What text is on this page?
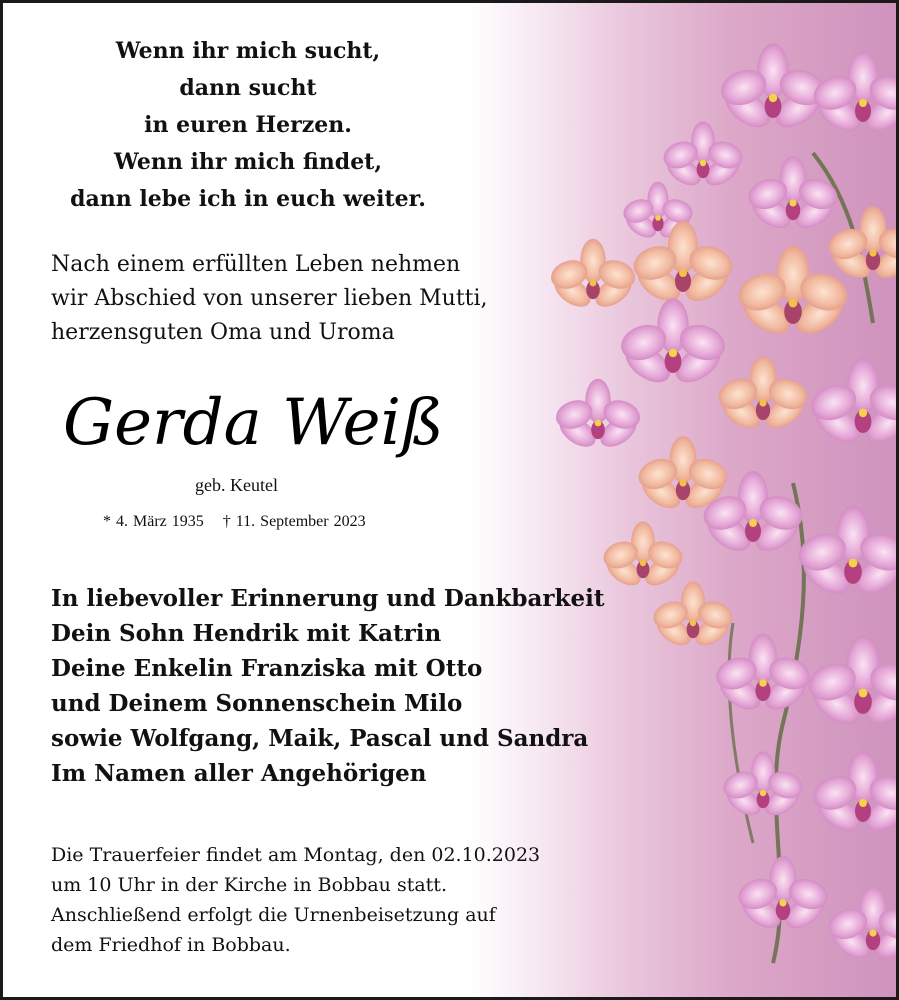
Wenn ihr mich sucht,
dann sucht
in euren Herzen.
Wenn ihr mich findet,
dann lebe ich in euch weiter.
Nach einem erfüllten Leben nehmen
wir Abschied von unserer lieben Mutti,
herzensguten Oma und Uroma
Gerda Weiß
geb. Keutel
* 4. März 1935 † 11. September 2023
In liebevoller Erinnerung und Dankbarkeit
Dein Sohn Hendrik mit Katrin
Deine Enkelin Franziska mit Otto
und Deinem Sonnenschein Milo
sowie Wolfgang, Maik, Pascal und Sandra
Im Namen aller Angehörigen
Die Trauerfeier findet am Montag, den 02.10.2023
um 10 Uhr in der Kirche in Bobbau statt.
Anschließend erfolgt die Urnenbeisetzung auf
dem Friedhof in Bobbau.
